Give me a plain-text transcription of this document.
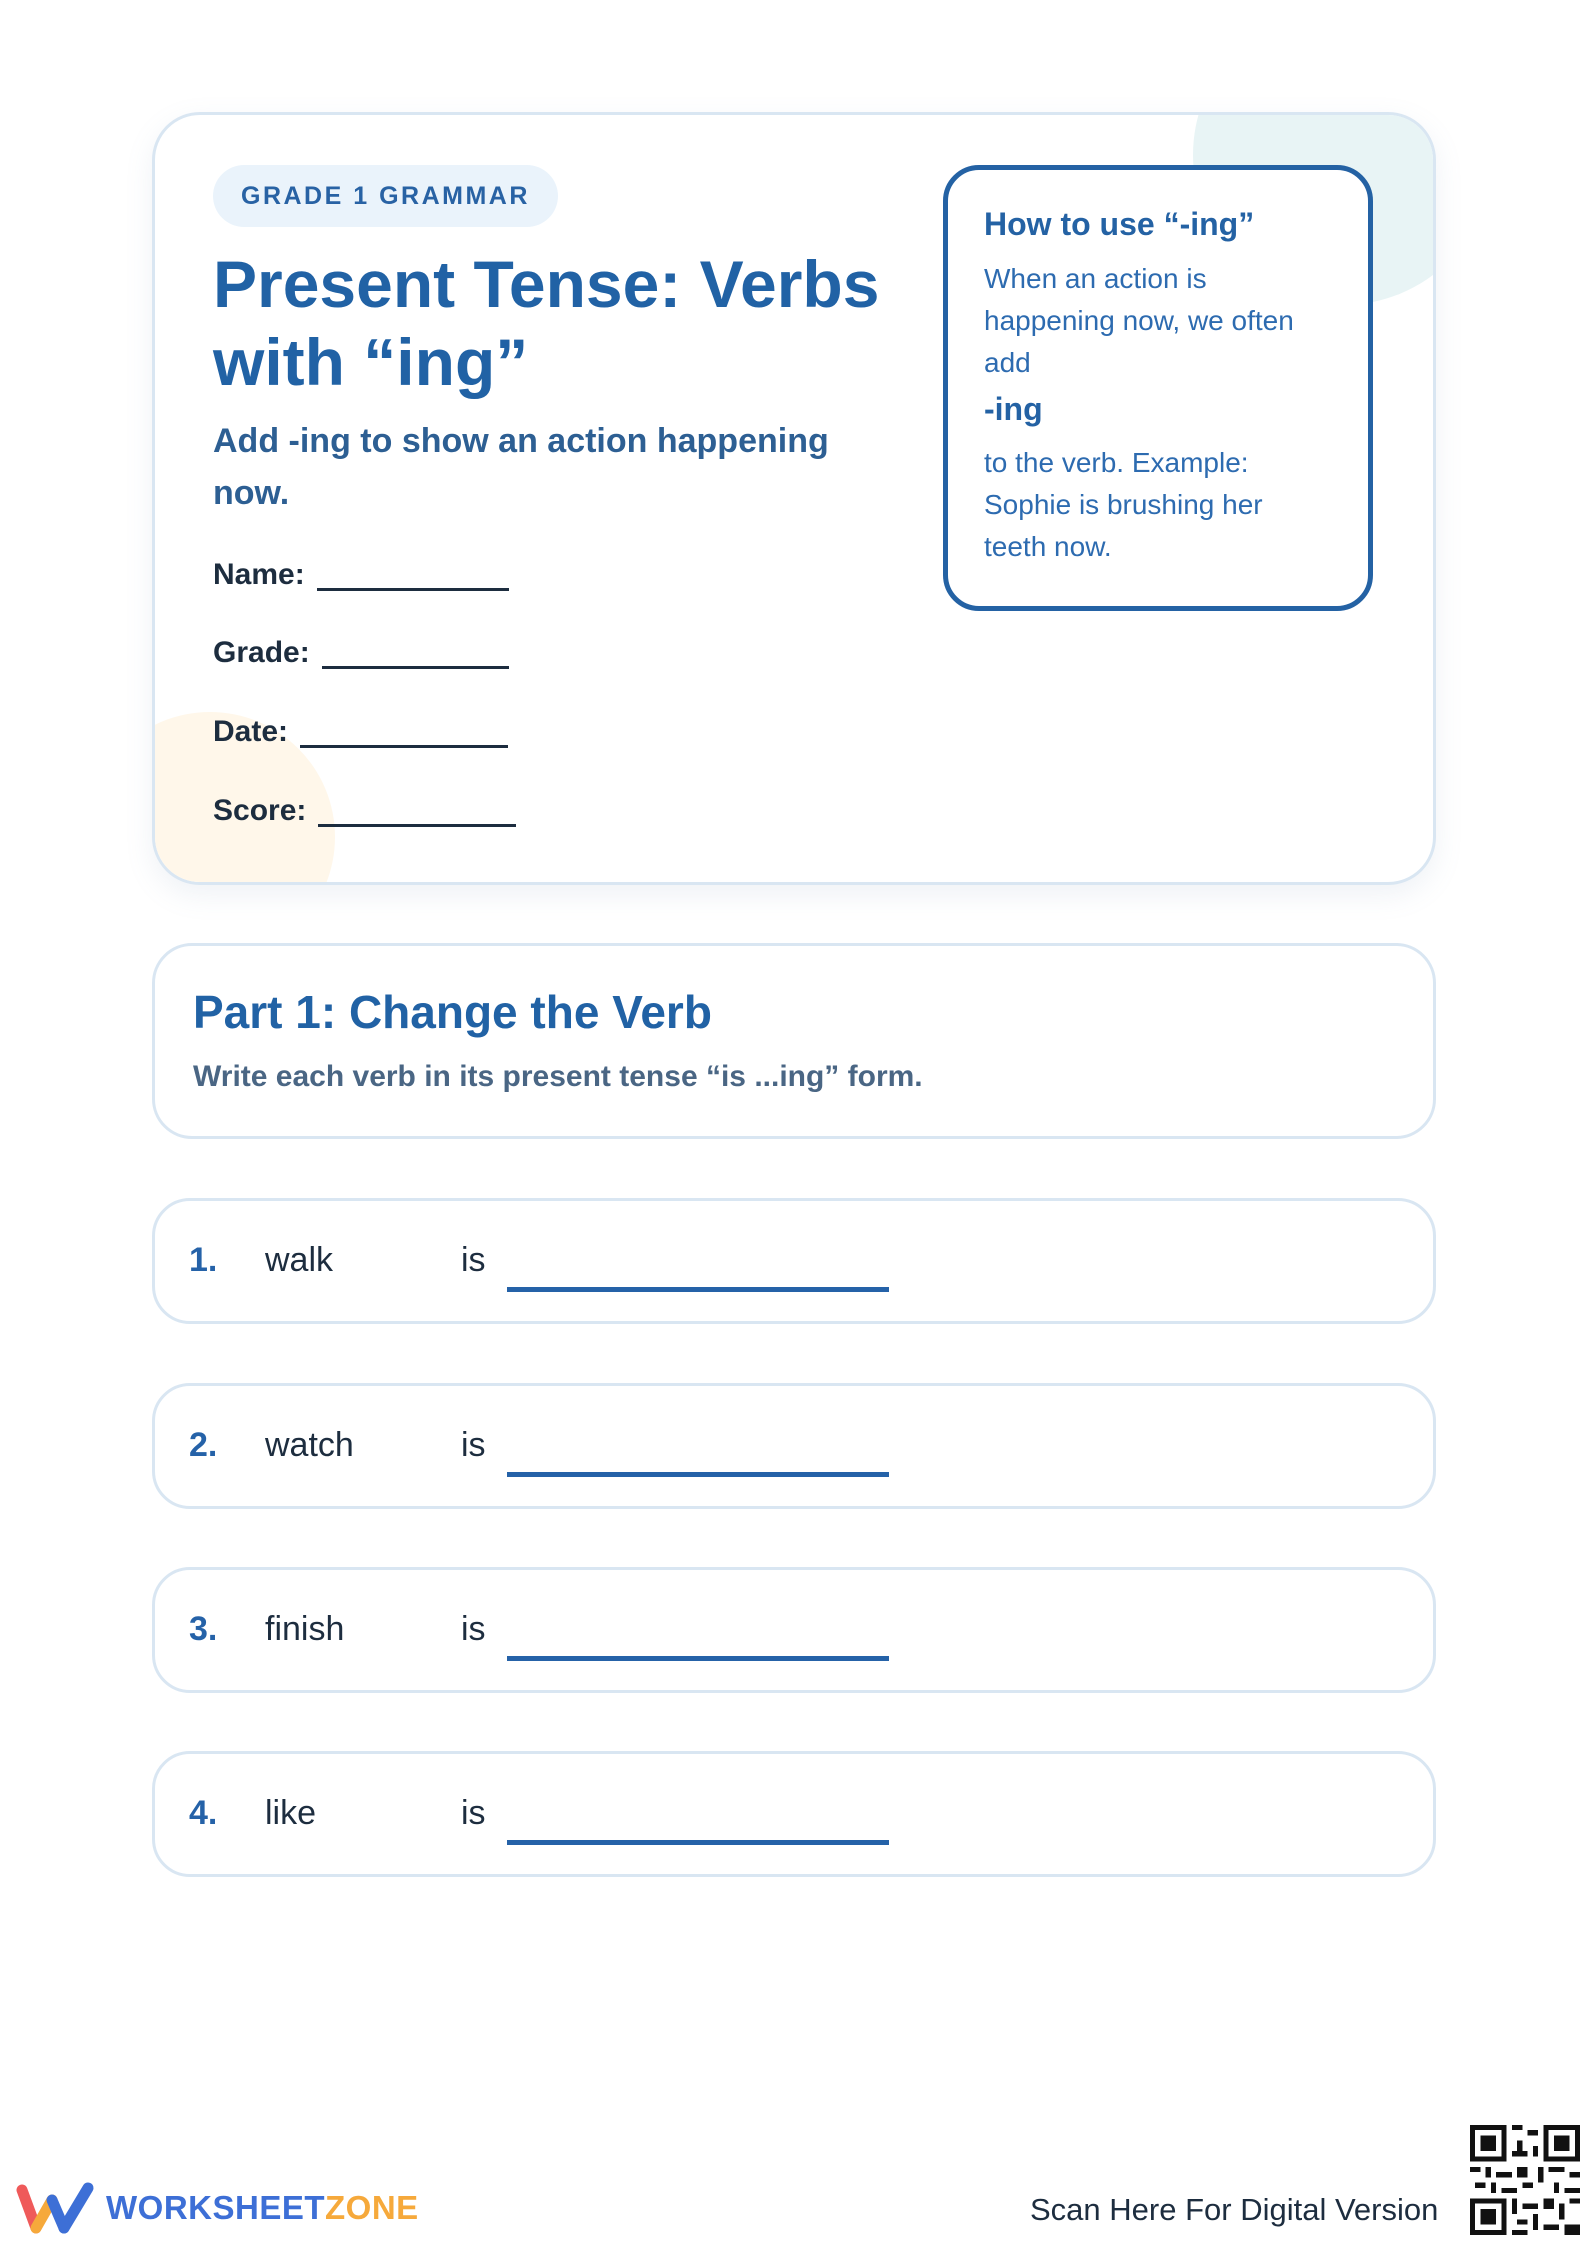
GRADE 1 GRAMMAR
Present Tense: Verbs with “ing”
Add -ing to show an action happening now.
Name:
Grade:
Date:
Score:
How to use “-ing”
When an action is happening now, we often add
-ing
to the verb. Example: Sophie is brushing her teeth now.
Part 1: Change the Verb
Write each verb in its present tense “is ...ing” form.
1. walk	is
2. watch	is
3. finish	is
4. like	is
WORKSHEETZONE	Scan Here For Digital Version
